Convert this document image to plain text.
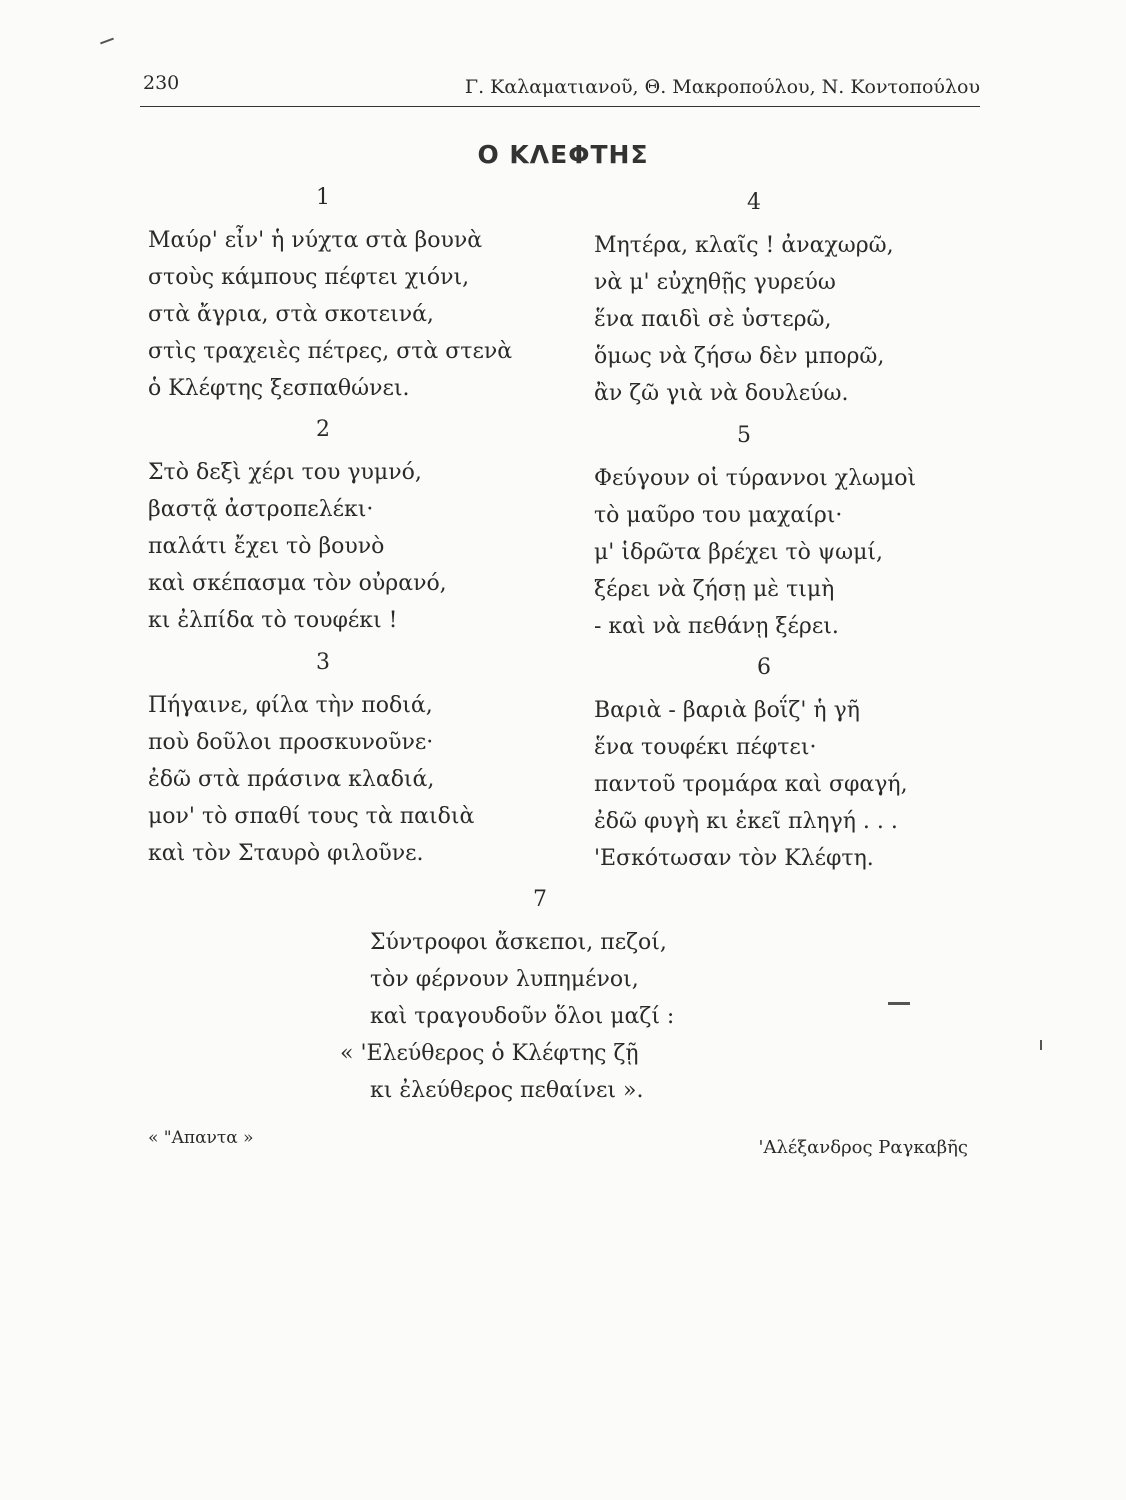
230	Γ. Καλαματιανοῦ, Θ. Μακροπούλου, Ν. Κοντοπούλου
Ο ΚΛΕΦΤΗΣ
1
Μαύρ' εἶν' ἡ νύχτα στὰ βουνὰ
στοὺς κάμπους πέφτει χιόνι,
στὰ ἄγρια, στὰ σκοτεινά,
στὶς τραχειὲς πέτρες, στὰ στενὰ
ὁ Κλέφτης ξεσπαθώνει.
2
Στὸ δεξὶ χέρι του γυμνό,
βαστᾷ ἀστροπελέκι·
παλάτι ἔχει τὸ βουνὸ
καὶ σκέπασμα τὸν οὐρανό,
κι ἐλπίδα τὸ τουφέκι !
3
Πήγαινε, φίλα τὴν ποδιά,
ποὺ δοῦλοι προσκυνοῦνε·
ἐδῶ στὰ πράσινα κλαδιά,
μον' τὸ σπαθί τους τὰ παιδιὰ
καὶ τὸν Σταυρὸ φιλοῦνε.
4
Μητέρα, κλαῖς ! ἀναχωρῶ,
νὰ μ' εὐχηθῇς γυρεύω
ἕνα παιδὶ σὲ ὑστερῶ,
ὅμως νὰ ζήσω δὲν μπορῶ,
ἂν ζῶ γιὰ νὰ δουλεύω.
5
Φεύγουν οἱ τύραννοι χλωμοὶ
τὸ μαῦρο του μαχαίρι·
μ' ἱδρῶτα βρέχει τὸ ψωμί,
ξέρει νὰ ζήσῃ μὲ τιμὴ
- καὶ νὰ πεθάνῃ ξέρει.
6
Βαριὰ - βαριὰ βοΐζ' ἡ γῆ
ἕνα τουφέκι πέφτει·
παντοῦ τρομάρα καὶ σφαγή,
ἐδῶ φυγὴ κι ἐκεῖ πληγή . . .
'Εσκότωσαν τὸν Κλέφτη.
7
Σύντροφοι ἄσκεποι, πεζοί,
τὸν φέρνουν λυπημένοι,
καὶ τραγουδοῦν ὅλοι μαζί :
« 'Ελεύθερος ὁ Κλέφτης ζῇ
κι ἐλεύθερος πεθαίνει ».
« "Απαντα »	'Αλέξανδρος Ραγκαβῆς
